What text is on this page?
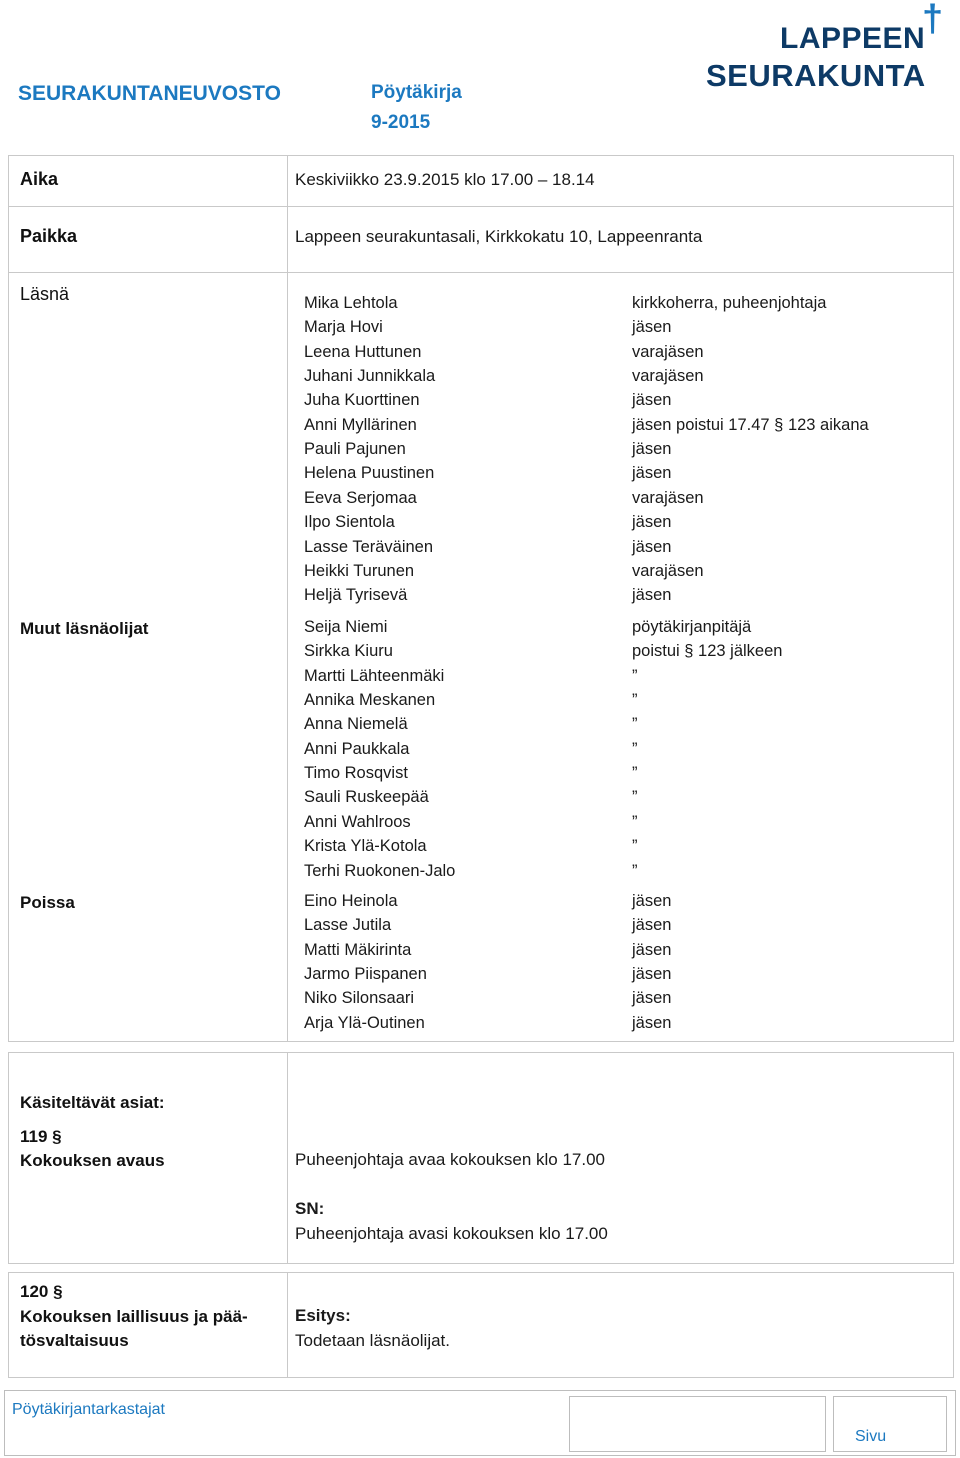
SEURAKUNTANEUVOSTO	Pöytäkirja
9-2015
LAPPEEN
SEURAKUNTA
†
Aika	Keskiviikko 23.9.2015 klo 17.00 – 18.14
Paikka	Lappeen seurakuntasali, Kirkkokatu 10, Lappeenranta
Läsnä	Mika Lehtola	kirkkoherra, puheenjohtaja
Marja Hovi	jäsen
Leena Huttunen	varajäsen
Juhani Junnikkala	varajäsen
Juha Kuorttinen	jäsen
Anni Myllärinen	jäsen poistui 17.47 § 123 aikana
Pauli Pajunen	jäsen
Helena Puustinen	jäsen
Eeva Serjomaa	varajäsen
Ilpo Sientola	jäsen
Lasse Teräväinen	jäsen
Heikki Turunen	varajäsen
Heljä Tyrisevä	jäsen
Muut läsnäolijat	Seija Niemi	pöytäkirjanpitäjä
Sirkka Kiuru	poistui § 123 jälkeen
Martti Lähteenmäki	”
Annika Meskanen	”
Anna Niemelä	”
Anni Paukkala	”
Timo Rosqvist	”
Sauli Ruskeepää	”
Anni Wahlroos	”
Krista Ylä-Kotola	”
Terhi Ruokonen-Jalo	”
Poissa	Eino Heinola	jäsen
Lasse Jutila	jäsen
Matti Mäkirinta	jäsen
Jarmo Piispanen	jäsen
Niko Silonsaari	jäsen
Arja Ylä-Outinen	jäsen
Käsiteltävät asiat:
119 §
Kokouksen avaus	Puheenjohtaja avaa kokouksen klo 17.00
SN:
Puheenjohtaja avasi kokouksen klo 17.00
120 §
Kokouksen laillisuus ja pää-
tösvaltaisuus
Esitys:
Todetaan läsnäolijat.
Pöytäkirjantarkastajat
Sivu
